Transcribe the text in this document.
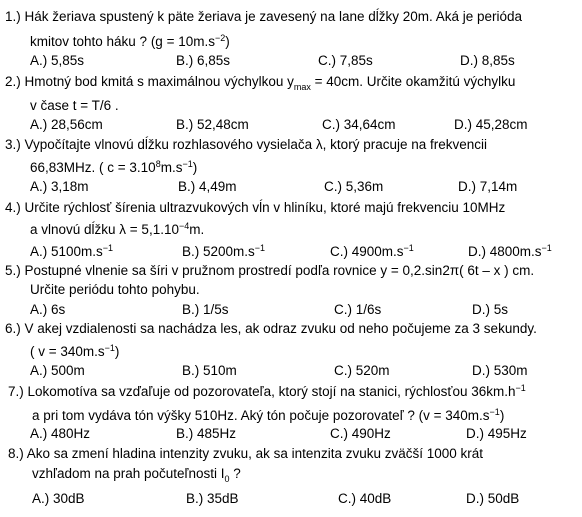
1.) Hák žeriava spustený k päte žeriava je zavesený na lane dĺžky 20m. Aká je perióda
kmitov tohto háku ? $(g = 10m.s^{-2})$
A.) 5,85s	B.) 6,85s	C.) 7,85s	D.) 8,85s
2.) Hmotný bod kmitá s maximálnou výchylkou $y_{max} = 40cm$. Určite okamžitú výchylku
v čase t = T/6 .
A.) 28,56cm	B.) 52,48cm	C.) 34,64cm	D.) 45,28cm
3.) Vypočítajte vlnovú dĺžku rozhlasového vysielača λ, ktorý pracuje na frekvencii
66,83MHz. ( $c = 3.10^8m.s^{-1}$)
A.) 3,18m	B.) 4,49m	C.) 5,36m	D.) 7,14m
4.) Určite rýchlosť šírenia ultrazvukových vĺn v hliníku, ktoré majú frekvenciu 10MHz
a vlnovú dĺžku $\lambda = 5,1.10^{-4}m$.
A.) $5100m.s^{-1}$	B.) $5200m.s^{-1}$	C.) $4900m.s^{-1}$	D.) $4800m.s^{-1}$
5.) Postupné vlnenie sa šíri v pružnom prostredí podľa rovnice y = 0,2.sin2π( 6t – x ) cm.
Určite periódu tohto pohybu.
A.) 6s	B.) 1/5s	C.) 1/6s	D.) 5s
6.) V akej vzdialenosti sa nachádza les, ak odraz zvuku od neho počujeme za 3 sekundy.
( $v = 340m.s^{-1}$)
A.) 500m	B.) 510m	C.) 520m	D.) 530m
7.) Lokomotíva sa vzďaľuje od pozorovateľa, ktorý stojí na stanici, rýchlosťou $36km.h^{-1}$
a pri tom vydáva tón výšky 510Hz. Aký tón počuje pozorovateľ ? $(v = 340m.s^{-1})$
A.) 480Hz	B.) 485Hz	C.) 490Hz	D.) 495Hz
8.) Ako sa zmení hladina intenzity zvuku, ak sa intenzita zvuku zväčší 1000 krát
vzhľadom na prah počuteľnosti $I_0$ ?
A.) 30dB	B.) 35dB	C.) 40dB	D.) 50dB
